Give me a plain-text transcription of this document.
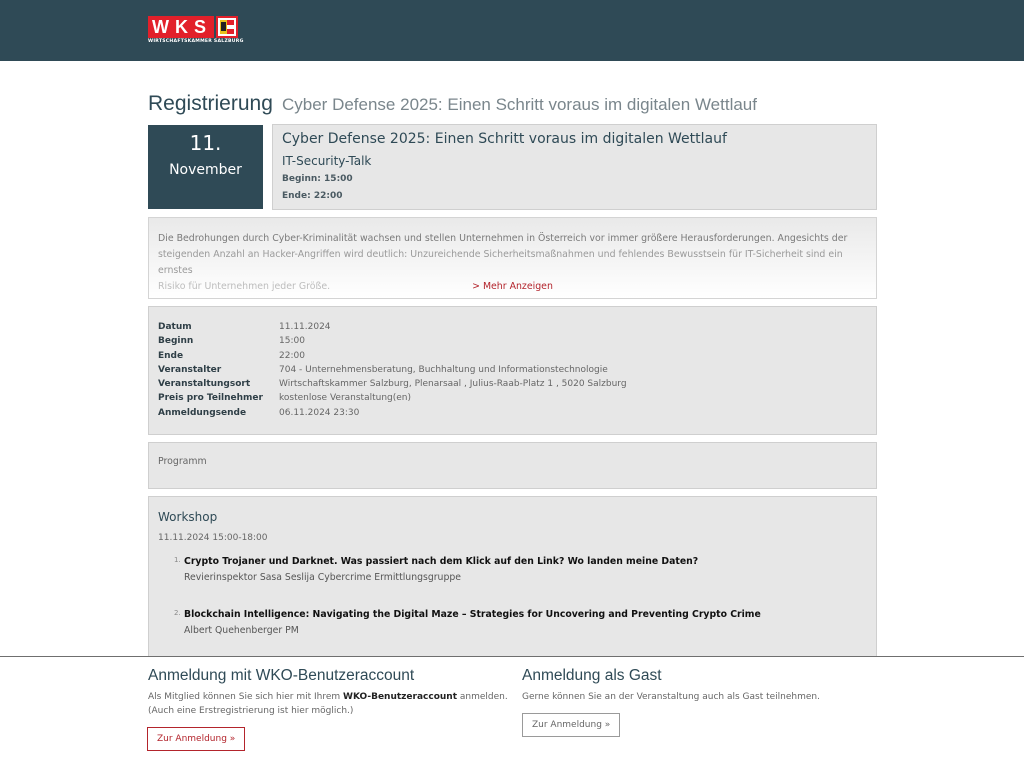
WKS
WIRTSCHAFTSKAMMER SALZBURG
Registrierung Cyber Defense 2025: Einen Schritt voraus im digitalen Wettlauf
11.
November
Cyber Defense 2025: Einen Schritt voraus im digitalen Wettlauf
IT-Security-Talk
Beginn: 15:00
Ende: 22:00

Die Bedrohungen durch Cyber-Kriminalität wachsen und stellen Unternehmen in Österreich vor immer größere Herausforderungen. Angesichts der

steigenden Anzahl an Hacker-Angriffen wird deutlich: Unzureichende Sicherheitsmaßnahmen und fehlendes Bewusstsein für IT-Sicherheit sind ein ernstes

Risiko für Unternehmen jeder Größe.	> Mehr Anzeigen
Datum	11.11.2024
Beginn	15:00
Ende	22:00
Veranstalter	704 - Unternehmensberatung, Buchhaltung und Informationstechnologie
Veranstaltungsort	Wirtschaftskammer Salzburg, Plenarsaal , Julius-Raab-Platz 1 , 5020 Salzburg
Preis pro Teilnehmer	kostenlose Veranstaltung(en)
Anmeldungsende	06.11.2024 23:30
Programm
Workshop
11.11.2024 15:00-18:00
1. Crypto Trojaner und Darknet. Was passiert nach dem Klick auf den Link? Wo landen meine Daten?
Revierinspektor Sasa Seslija Cybercrime Ermittlungsgruppe
2. Blockchain Intelligence: Navigating the Digital Maze – Strategies for Uncovering and Preventing Crypto Crime
Albert Quehenberger PM
Anmeldung mit WKO-Benutzeraccount

Als Mitglied können Sie sich hier mit Ihrem WKO-Benutzeraccount anmelden.
(Auch eine Erstregistrierung ist hier möglich.)

Zur Anmeldung »
Anmeldung als Gast

Gerne können Sie an der Veranstaltung auch als Gast teilnehmen.

Zur Anmeldung »
